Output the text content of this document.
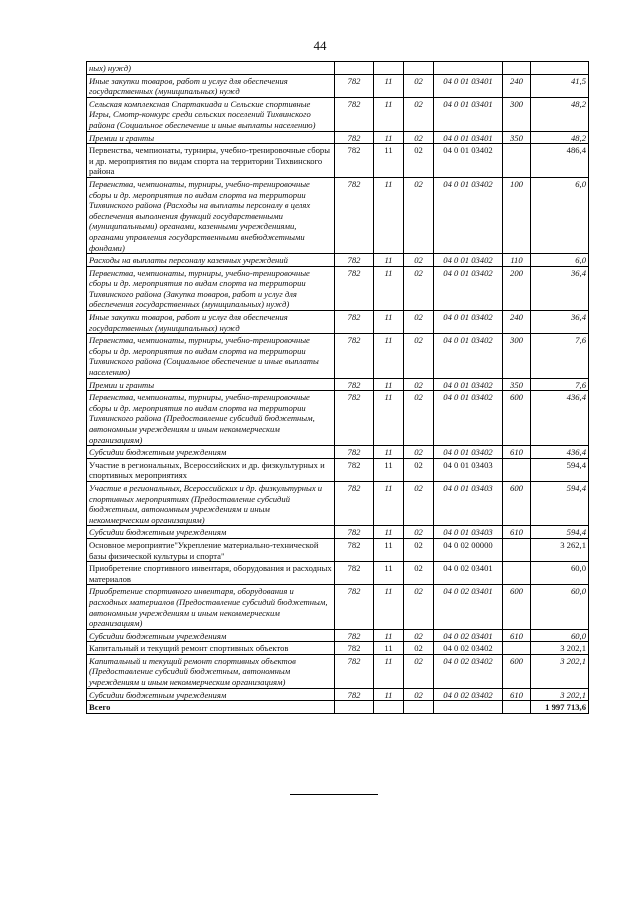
44
ных) нужд)						
Иные закупки товаров, работ и услуг для обеспечения государственных (муниципальных) нужд	782	11	02	04 0 01 03401	240	41,5
Сельская комплексная Спартакиада и Сельские спортивные Игры, Смотр-конкурс среди сельских поселений Тихвинского района (Социальное обеспечение и иные выплаты населению)	782	11	02	04 0 01 03401	300	48,2
Премии и гранты	782	11	02	04 0 01 03401	350	48,2
Первенства, чемпионаты, турниры, учебно-тренировочные сборы и др. мероприятия по видам спорта на территории Тихвинского района	782	11	02	04 0 01 03402		486,4
Первенства, чемпионаты, турниры, учебно-тренировочные сборы и др. мероприятия по видам спорта на территории Тихвинского района (Расходы на выплаты персоналу в целях обеспечения выполнения функций государственными (муниципальными) органами, казенными учреждениями, органами управления государственными внебюджетными фондами)	782	11	02	04 0 01 03402	100	6,0
Расходы на выплаты персоналу казенных учреждений	782	11	02	04 0 01 03402	110	6,0
Первенства, чемпионаты, турниры, учебно-тренировочные сборы и др. мероприятия по видам спорта на территории Тихвинского района (Закупка товаров, работ и услуг для обеспечения государственных (муниципальных) нужд)	782	11	02	04 0 01 03402	200	36,4
Иные закупки товаров, работ и услуг для обеспечения государственных (муниципальных) нужд	782	11	02	04 0 01 03402	240	36,4
Первенства, чемпионаты, турниры, учебно-тренировочные сборы и др. мероприятия по видам спорта на территории Тихвинского района (Социальное обеспечение и иные выплаты населению)	782	11	02	04 0 01 03402	300	7,6
Премии и гранты	782	11	02	04 0 01 03402	350	7,6
Первенства, чемпионаты, турниры, учебно-тренировочные сборы и др. мероприятия по видам спорта на территории Тихвинского района (Предоставление субсидий бюджетным, автономным учреждениям и иным некоммерческим организациям)	782	11	02	04 0 01 03402	600	436,4
Субсидии бюджетным учреждениям	782	11	02	04 0 01 03402	610	436,4
Участие в региональных, Всероссийских и др. физкультурных и спортивных мероприятиях	782	11	02	04 0 01 03403		594,4
Участие в региональных, Всероссийских и др. физкультурных и спортивных мероприятиях (Предоставление субсидий бюджетным, автономным учреждениям и иным некоммерческим организациям)	782	11	02	04 0 01 03403	600	594,4
Субсидии бюджетным учреждениям	782	11	02	04 0 01 03403	610	594,4
Основное мероприятие"Укрепление материально-технической базы физической культуры и спорта"	782	11	02	04 0 02 00000		3 262,1
Приобретение спортивного инвентаря, оборудования и расходных материалов	782	11	02	04 0 02 03401		60,0
Приобретение спортивного инвентаря, оборудования и расходных материалов (Предоставление субсидий бюджетным, автономным учреждениям и иным некоммерческим организациям)	782	11	02	04 0 02 03401	600	60,0
Субсидии бюджетным учреждениям	782	11	02	04 0 02 03401	610	60,0
Капитальный и текущий ремонт спортивных объектов	782	11	02	04 0 02 03402		3 202,1
Капитальный и текущий ремонт спортивных объектов (Предоставление субсидий бюджетным, автономным учреждениям и иным некоммерческим организациям)	782	11	02	04 0 02 03402	600	3 202,1
Субсидии бюджетным учреждениям	782	11	02	04 0 02 03402	610	3 202,1
Всего						1 997 713,6
